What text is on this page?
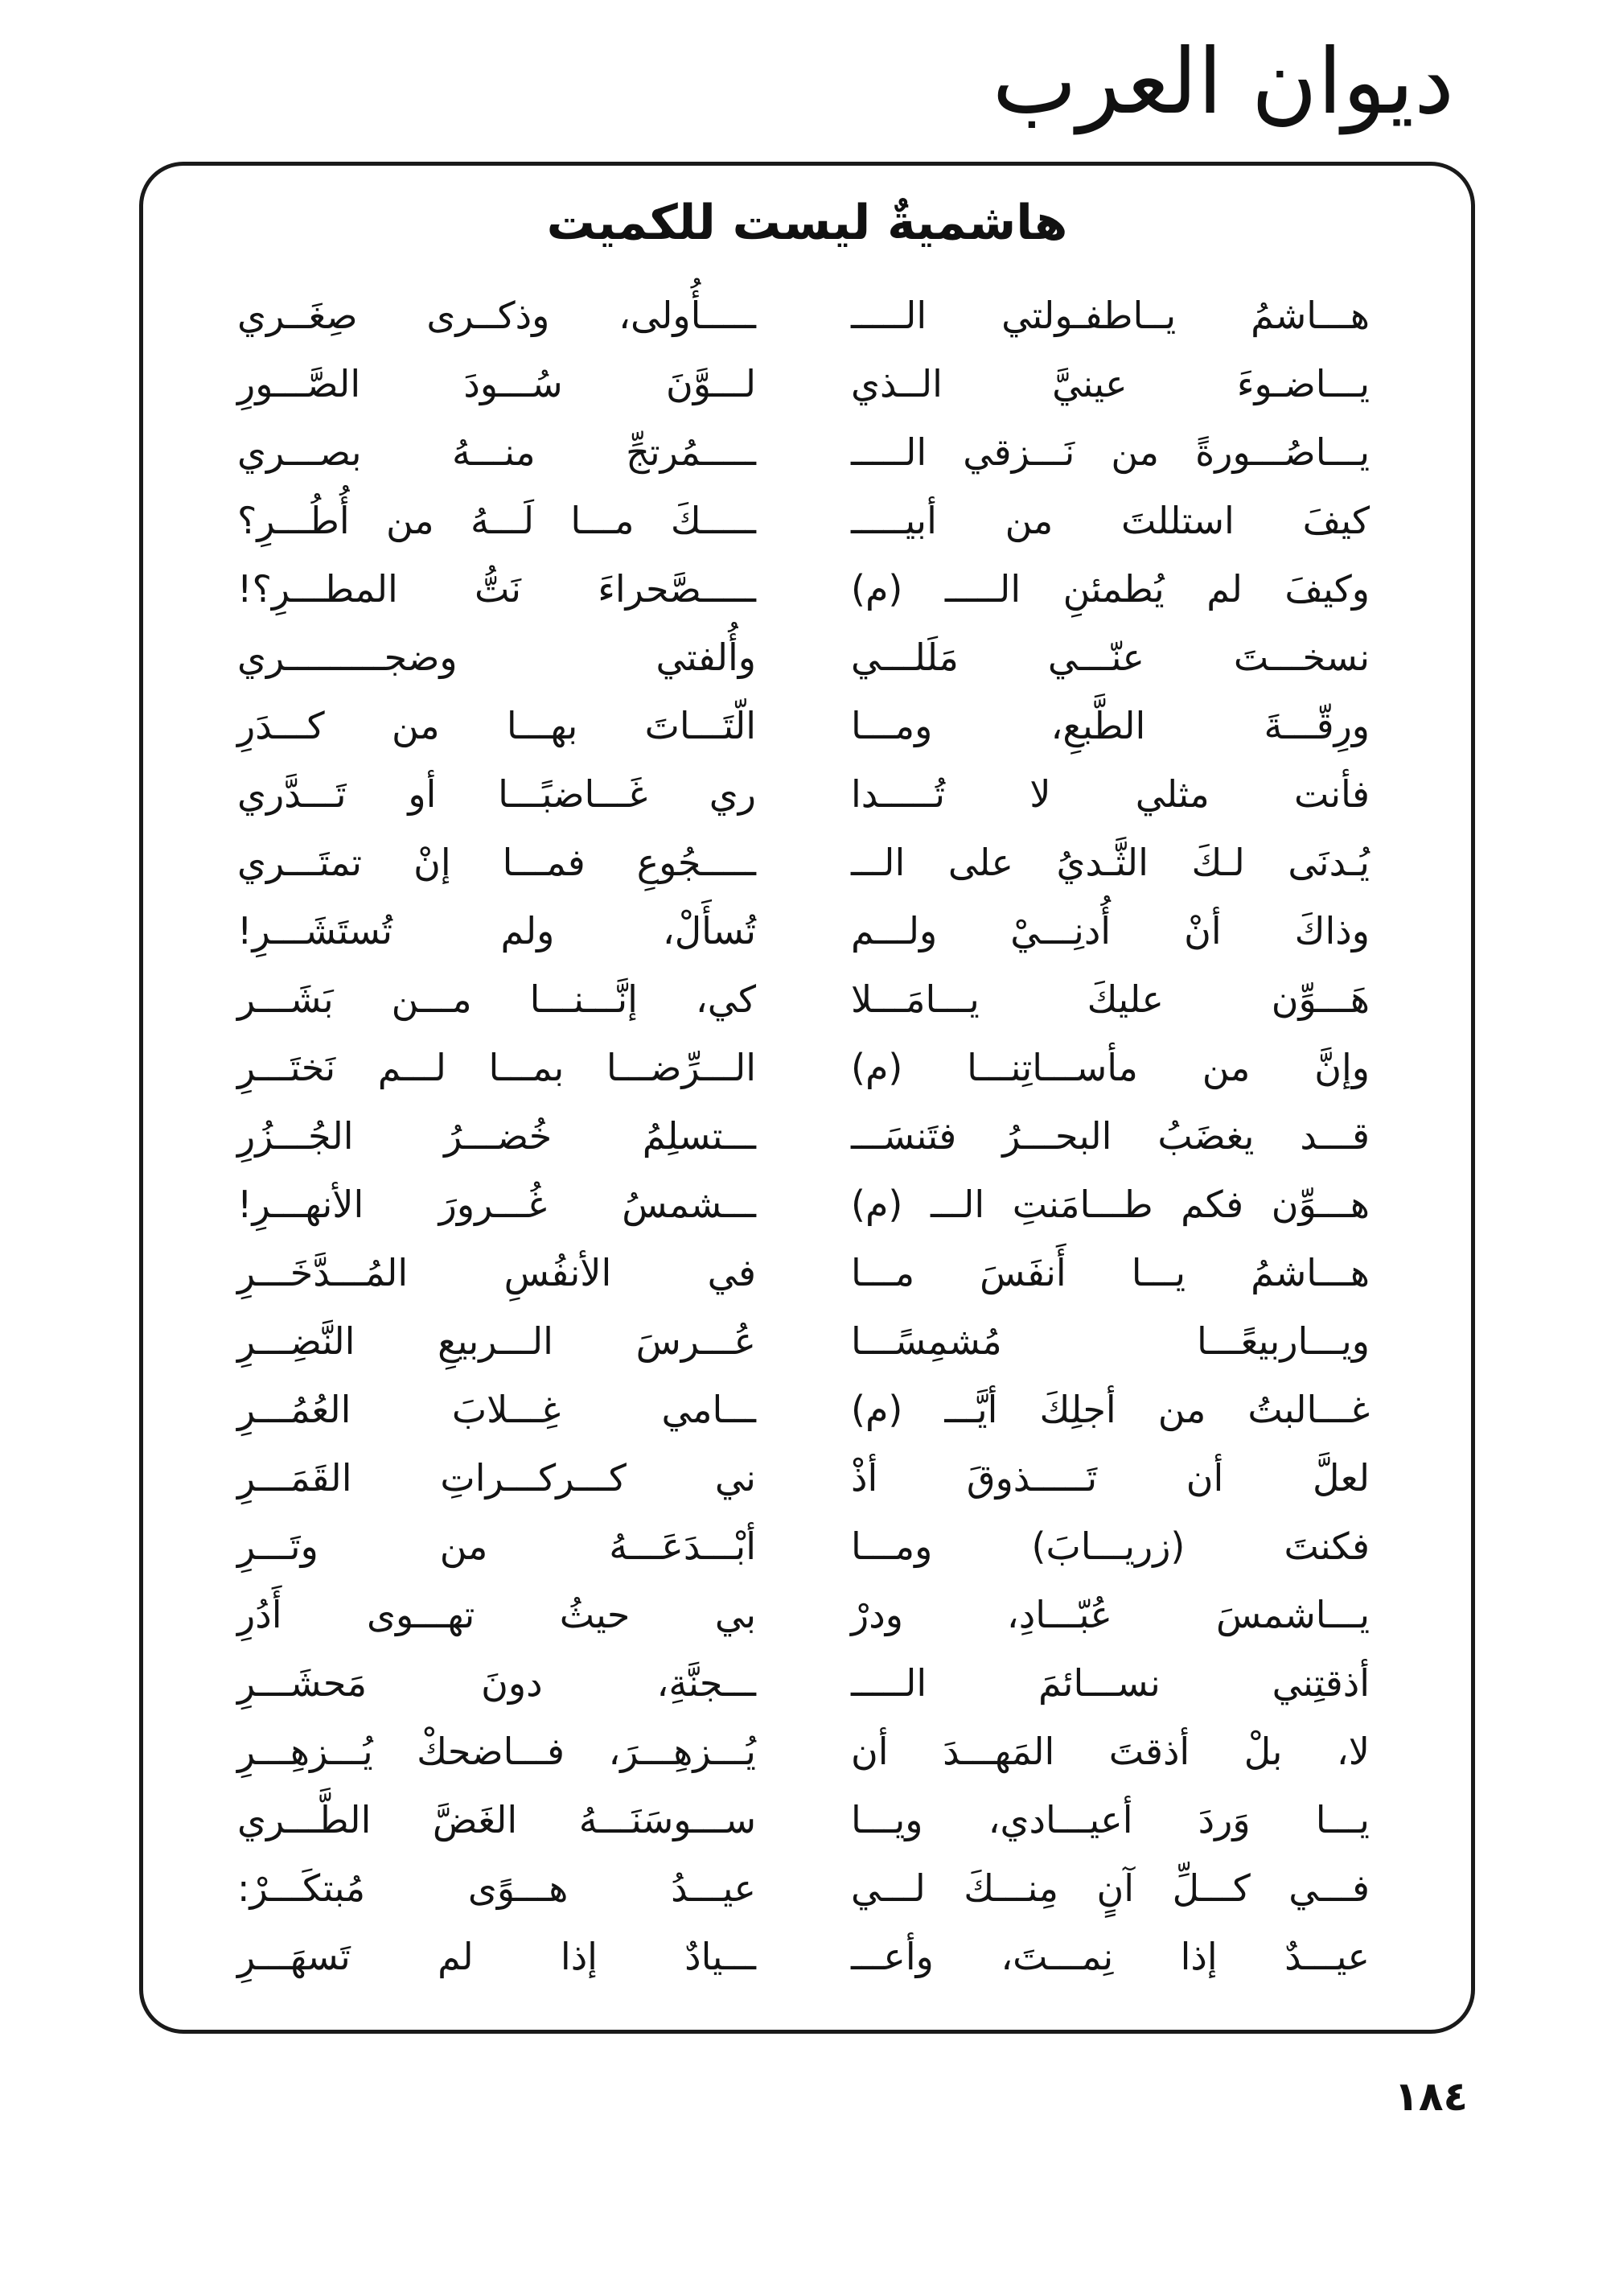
ديوان العرب
هاشميةٌ ليست للكميت
هـــاشمُ يــاطفـولتي الـــــ
ـــــأُولى، وذكــرى صِغَــري
يـــاضـوءَ عينيَّ الــذي
لـــوَّنَ سُـــودَ الصَّـــورِ
يـــاصُـــورةً من نَـــزقي الـــــ
ـــــمُرتجِّ منـــهُ بصـــري
كيفَ استللتَ من أبيـــــ
ـــــكَ مـــا لَـــهُ من أُطُـــرِ؟
وكيفَ لم يُطمئنِ الـــــ (م)
ـــــصَّحراءَ نَتُّ المطـــرِ؟!
نسخـــتَ عنّـــي مَلَلـــي
وأُلفتي وضجـــــــــري
ورِقّـــةَ الطَّبعِ، ومـــا
الّتَـــاتَ بهـــا من كـــدَرِ
فأنت مثلي لا تُـــــدا
ري غَـــاضبًـــا أو تَـــدَّري
يُـدنَى لـكَ الثَّـديُ على الـــ
ـــــجُوعِ فمـــا إنْ تمتَـــري
وذاكَ أنْ أُدنِـــيْ ولـــم
تُسأَلْ، ولم تُستَشَـــرِ!
هَـــوِّن عليكَ يـــامَـــلا
كي، إنَّـــنـــا مـــن بَشَـــر
وإنَّ من مأســـاتِنـــا (م)
الـــرِّضـــا بمـــا لـــم نَختَـــرِ
قـــد يغضَبُ البحـــرُ فتَنسَـــ
ـــتسلِمُ خُضـــرُ الجُـــزُرِ
هـــوِّن فكم طـــامَنتِ الـــ (م)
ـــشمسُ غُـــرورَ الأنهـــرِ!
هـــاشمُ يـــا أَنفَسَ مـــا
في الأنفُسِ المُـــدَّخَـــرِ
ويـــاربيعًـــا مُشمِسًـــا
عُـــرسَ الـــربيعِ النَّضِـــرِ
غـــالبتُ من أجلِكَ أيَّـــ (م)
ـــامي غِـــلابَ العُمُـــرِ
لعلَّ أن تَـــــذوقَ أذْ
ني كـــركـــراتِ القَمَـــرِ
فكنتَ (زريـــابَ) ومـــا
أبْـــدَعَـــهُ من وتَـــرِ
يـــاشمسَ عُبّـــادِ، ودرْ
بي حيثُ تهـــوى أَدُرِ
أذقتِني نســـائمَ الـــــ
ـــجنَّةِ، دونَ مَحشَـــرِ
لا، بلْ أذقتَ المَهـــدَ أن
يُـــزهِـــرَ، فـــاضحكْ يُـــزهِـــرِ
يـــا وَردَ أعيـــادي، ويـــا
ســـوسَنَـــهُ الغَضَّ الطَّـــري
فـــي كـــلِّ آنٍ مِنـــكَ لـــي
عيـــدُ هـــوًى مُبتكَـــرْ:
عيـــدٌ إذا نِمـــتَ، وأعـــ
ـــيادٌ إذا لم تَسهَـــرِ
١٨٤
